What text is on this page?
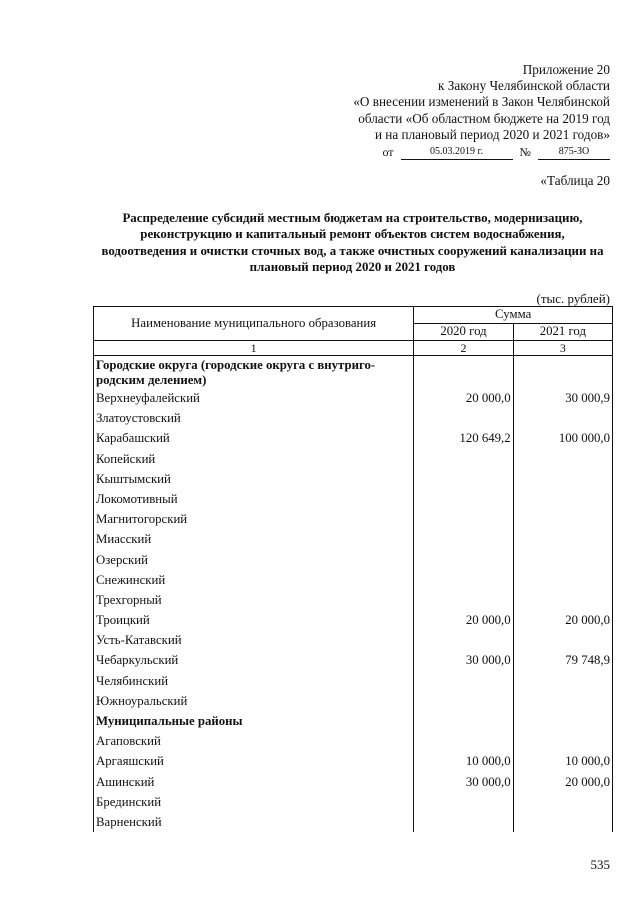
Приложение 20
к Закону Челябинской области
«О внесении изменений в Закон Челябинской
области «Об областном бюджете на 2019 год
и на плановый период 2020 и 2021 годов»
от	05.03.2019 г.	№	875-ЗО
«Таблица 20
Распределение субсидий местным бюджетам на строительство, модернизацию, реконструкцию и капитальный ремонт объектов систем водоснабжения, водоотведения и очистки сточных вод, а также очистных сооружений канализации на плановый период 2020 и 2021 годов
(тыс. рублей)
Наименование муниципального образования	Сумма	
	2020 год	2021 год
1	2	3
Городские округа (городские округа с внутриго-
родским делением)		
Верхнеуфалейский	20 000,0	30 000,9
Златоустовский		
Карабашский	120 649,2	100 000,0
Копейский		
Кыштымский		
Локомотивный		
Магнитогорский		
Миасский		
Озерский		
Снежинский		
Трехгорный		
Троицкий	20 000,0	20 000,0
Усть-Катавский		
Чебаркульский	30 000,0	79 748,9
Челябинский		
Южноуральский		
Муниципальные районы		
Агаповский		
Аргаяшский	10 000,0	10 000,0
Ашинский	30 000,0	20 000,0
Брединский		
Варненский		
535
